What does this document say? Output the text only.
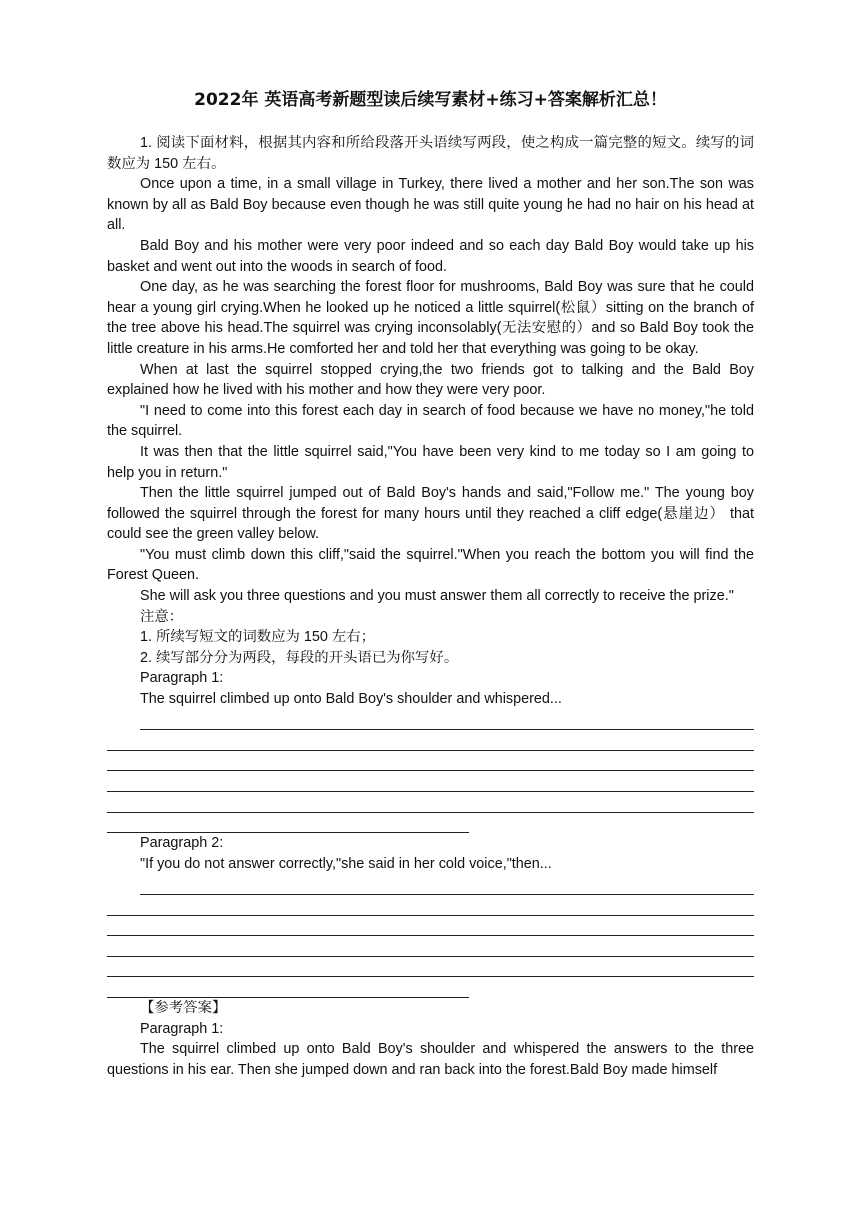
2022年 英语高考新题型读后续写素材+练习+答案解析汇总！

1. 阅读下面材料，根据其内容和所给段落开头语续写两段，使之构成一篇完整的短文。续写的词数应为 150 左右。

Once upon a time, in a small village in Turkey, there lived a mother and her son.The son was known by all as Bald Boy because even though he was still quite young he had no hair on his head at all.

Bald Boy and his mother were very poor indeed and so each day Bald Boy would take up his basket and went out into the woods in search of food.

One day, as he was searching the forest floor for mushrooms, Bald Boy was sure that he could hear a young girl crying.When he looked up he noticed a little squirrel(松鼠）sitting on the branch of the tree above his head.The squirrel was crying inconsolably(无法安慰的）and so Bald Boy took the little creature in his arms.He comforted her and told her that everything was going to be okay.

When at last the squirrel stopped crying,the two friends got to talking and the Bald Boy explained how he lived with his mother and how they were very poor.

"I need to come into this forest each day in search of food because we have no money,"he told the squirrel.

It was then that the little squirrel said,"You have been very kind to me today so I am going to help you in return."

Then the little squirrel jumped out of Bald Boy's hands and said,"Follow me." The young boy followed the squirrel through the forest for many hours until they reached a cliff edge(悬崖边） that could see the green valley below.

"You must climb down this cliff,"said the squirrel."When you reach the bottom you will find the Forest Queen.

She will ask you three questions and you must answer them all correctly to receive the prize."

注意：

1. 所续写短文的词数应为 150 左右；

2. 续写部分分为两段，每段的开头语已为你写好。

Paragraph 1:

The squirrel climbed up onto Bald Boy's shoulder and whispered...

Paragraph 2:

"If you do not answer correctly,"she said in her cold voice,"then...

【参考答案】

Paragraph 1:

The squirrel climbed up onto Bald Boy's shoulder and whispered the answers to the three questions in his ear. Then she jumped down and ran back into the forest.Bald Boy made himself
